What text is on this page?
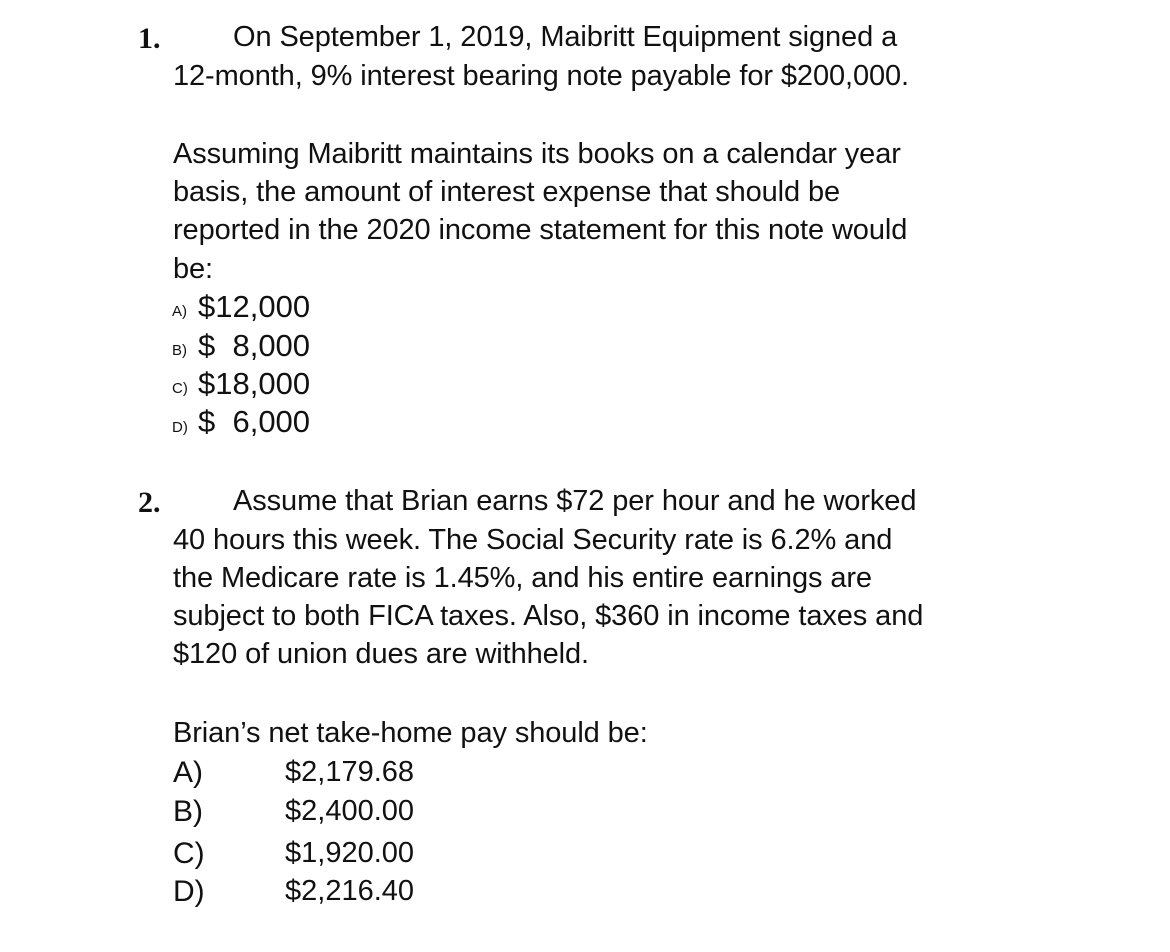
1.	On September 1, 2019, Maibritt Equipment signed a
12-month, 9% interest bearing note payable for $200,000.
Assuming Maibritt maintains its books on a calendar year
basis, the amount of interest expense that should be
reported in the 2020 income statement for this note would
be:
A) $12,000
B) $  8,000
C) $18,000
D) $  6,000
2.	Assume that Brian earns $72 per hour and he worked
40 hours this week. The Social Security rate is 6.2% and
the Medicare rate is 1.45%, and his entire earnings are
subject to both FICA taxes. Also, $360 in income taxes and
$120 of union dues are withheld.
Brian’s net take-home pay should be:
A)	$2,179.68
B)	$2,400.00
C)	$1,920.00
D)	$2,216.40
